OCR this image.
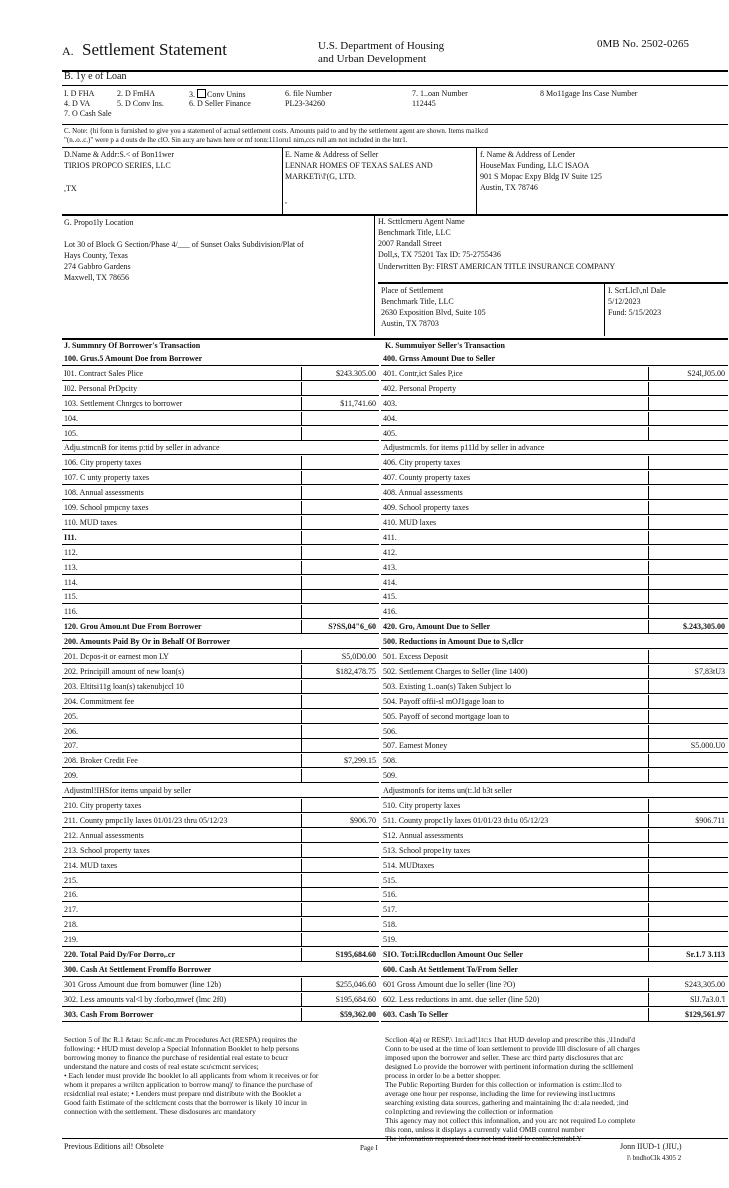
A. Settlement Statement	U.S. Department of Housing
and Urban Development
0MB No. 2502-0265
B. 1y e of Loan
I. D FHA	2. D FmHA	3. Conv Unins
4. D VA	5. D Conv Ins.	6. D Seller Finance
7. O Cash Sale
6. file Number
PL23-34260
7. 1..oan Number
112445
8 Mo11gage Ins Case Number
C. Note: {hi fonn is furnished to give you a statemenl of actual settlement costs. Amounts paid to and by the settlement agent are shown. Items ma1kcd
"(n..o..c.)" were p a d outs de lhe clO. Sin au:y are hawn here or mf tonn:111oru1 nim,ccs rull am not included in the lntr1.
D.Name & Addr:S.< of Bon11wer
TIRIOS PROPCO SERIES, LLC
,TX
E. Name & Address of Seller
LENNAR HOMES OF TEXAS SALES AND
MARKETi\l'(G, LTD.
,
f. Name & Address of Lender
HouseMax Funding, LLC ISAOA
901 S Mopac Expy Bldg IV Suite 125
Austin, TX 78746
G. Propo1ly Location
Lot 30 of Block G Section/Phase 4/___ of Sunset Oaks Subdivision/Plat of
Hays County, Texas
274 Gabbro Gardens
Maxwell, TX 78656
H. Scttlcmeru Agent Name
Benchmark Title, LLC
2007 Randall Street
Doll,s, TX 75201 Tax ID: 75-2755436
Underwritten By: FIRST AMERICAN TITLE INSURANCE COMPANY
Place of Settlement
Benchmark Title, LLC
2630 Exposition Blvd, Suite 105
Austin, TX 78703
I. ScrLlcl\,nl Dale
5/12/2023
Fund: 5/15/2023
J. Summnry Of Borrower's Transaction	K. Summuiyor Seller's Transaction
100. Grus.5 Amount Doe from Borrower
I01. Contract Sales Plice	$243.305.00
I02. Personal PrDpcity
103. Settlement Chnrgcs to borrower	$11,741.60
104.
105.
Adju.stmcnB for items p:tid by seller in advance
106. City property taxes
107. C unty property taxes
108. Annual assessments
109. School pmpcny taxes
110. MUD taxes
I11.
112.
113.
114.
115.
116.
120. Grou Amou.nt Due From Borrower	S?SS,04"6_60
200. Amounts Paid By Or in Behalf Of Borrower
201. Dcpos-it or earnest mon LY	S5,0D0.00
202. Principill amount of new loan(s)	$182,478.75
203. Eltitsi11g loan(s) takenubjccl 10
204. Commitment fee
205.
206.
207.
208. Broker Credit Fee	$7,299.15
209.
Adjustml!IHSfor items unpaid by seller
210. City property taxes
211. County pmpc1ly laxes 01/01/23 thru 05/12/23	$906.70
212. Annual assessments
213. School property taxes
214. MUD taxes
215.
216.
217.
218.
219.
220. Total Paid Dy/For Dorro,.cr	S195,684.60
300. Cash At Settlement Fromffo Borrower
301 Gross Amount due from bomuwer (line 12b)	$255,046.60
302. Less amounts val<l by :forbo,mwef (lmc 2f0)	S195,684.60
303. Cash From Borrower	$59,362.00
400. Grnss Amount Due to Seller
401. Contr,ict Sales P,ice	S24l,J05.00
402. Personal Property
403.
404.
405.
Adjustmcmls. for items p11Id by seller in advance
406. City property taxes
407. County property taxes
408. Annual assessments
409. School property taxes
410. MUD laxes
411.
412.
413.
414.
415.
416.
420. Gro, Amount Due to Seller	$.243,305.00
500. Reductions in Amount Due to S,cllcr
501. Excess Deposit
502. Settlement Charges to Seller (line 1400)	S7,83tU3
503. Existing 1..oan(s) Taken Subject lo
504. Payoff offii-sl mOJ1gage loan to
505. Payoff of second mortgage loan to
506.
507. Eamest Money	S5.000.U0
508.
509.
Adjustmonfs for items un(t:.ld b3t seller
510. City property laxes
511. County propc1ly laxes 01/01/23 th1u 05/12/23	$906.711
S12. Annual assessments
513. School prope1ty taxes
514. MUDtaxes
515.
516.
517.
518.
519.
SIO. Tot:i.lRcducllon Amount Ouc Seller	Sr.1.7 3.113
600. Cash At Settlement To/From Seller
601 Gross Amount due lo seller (line ?O)	S243,305.00
602. Less reductions in amt. due seller (line 520)	SlJ.7a3.0.'l
603. Cash To Seller	$129,561.97
Section 5 of lhc R.1 &tau: Sc.nfc-mc.m Procedures Act (RESPA) requires the
following: • HUD must develop a Special Infonnation Booklet to help persons
borrowing money to finance the purchase of residential real estate to bcucr
understand the nature and costs of real estate scu\cmcnt services;
• Each lender must provide lhc booklet lo all applicants from whom it receives or for
whom it prepares a wriltcn application to borrow manq)' to finance the purchase of
rcsidcnlial real estate; • Lenders must prepare nnd distribute with the Booklet a
Good faith Estimate of the scltlcmcnt costs that the borrower is likely 10 incur in
connection with the settlement. These disdosures arc mandatory
Scclion 4(a) or RESP,\ 1n:i.ad!1tc:s 1hat HUD develop and prescribe this ,\l1ndul'd
Conn to be used at the time of loan settlement to provide llll disclosure of all charges
imposed upon the borrower and seller. These arc third party disclosures that arc
designed Lo provide the borrower with pertinent information during the sclllemenl
process in order lo be a better shopper.
The Public Reporting Burden for this collection or information is cstim:.llcd to
average one hour per response, including the lime for reviewing inst1uctmns
searching existing data sources, gathering and maintaining lhc d:.ala needed, ;ind
co1nplcting and reviewing the collection or information
This agency may not collect this infonnalion, and you arc not required Lo complete
this ronn, unless it displays a currently valid OMB control number
The infonnation requested does not lend itself lo conlic.lcntiabLY
Previous Editions ail! Obsolete	Page I	Jonn IIUD-1 (JIU,)
l\ bndhoClk 4305 2
